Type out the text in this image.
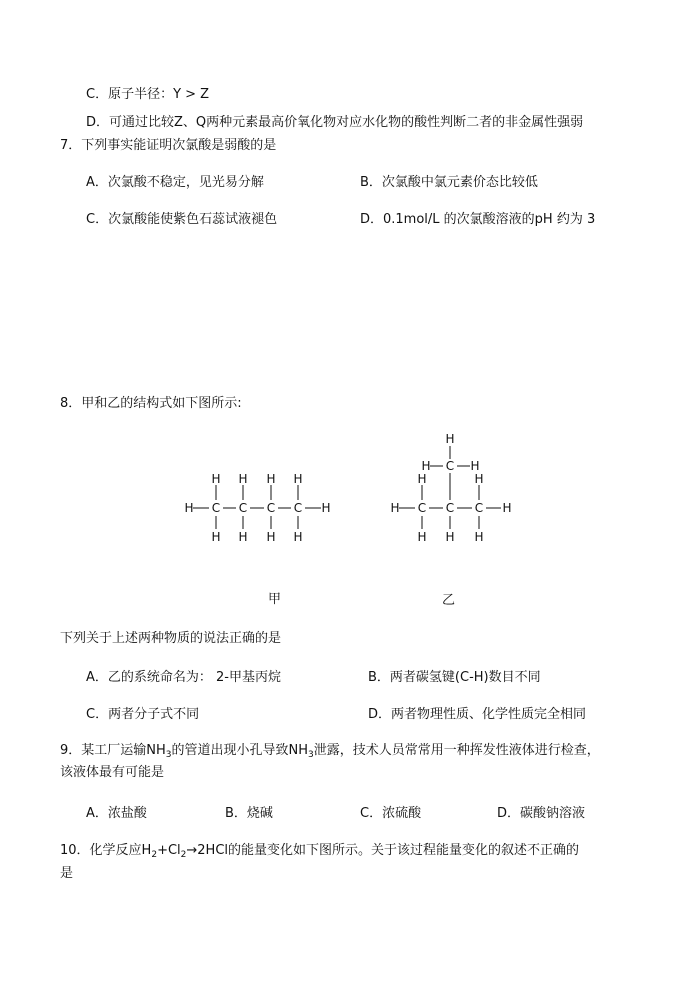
C．原子半径：Y > Z
D．可通过比较Z、Q两种元素最高价氧化物对应水化物的酸性判断二者的非金属性强弱
7．下列事实能证明次氯酸是弱酸的是
A．次氯酸不稳定，见光易分解	B．次氯酸中氯元素价态比较低
C．次氯酸能使紫色石蕊试液褪色	D．0.1mol/L 的次氯酸溶液的pH 约为 3
8．甲和乙的结构式如下图所示:
H C C C C H
H H H H
H H H H
H C C C H
H	H
H H H
C
H	H
H
甲	乙
下列关于上述两种物质的说法正确的是
A．乙的系统命名为： 2-甲基丙烷	B．两者碳氢键(C-H)数目不同
C．两者分子式不同	D．两者物理性质、化学性质完全相同
9．某工厂运输$NH_3$的管道出现小孔导致$NH_3$泄露，技术人员常常用一种挥发性液体进行检查，
该液体最有可能是
A．浓盐酸	B．烧碱	C．浓硫酸	D．碳酸钠溶液
10．化学反应$H_2+Cl_2\to 2HCl$的能量变化如下图所示。关于该过程能量变化的叙述不正确的
是
